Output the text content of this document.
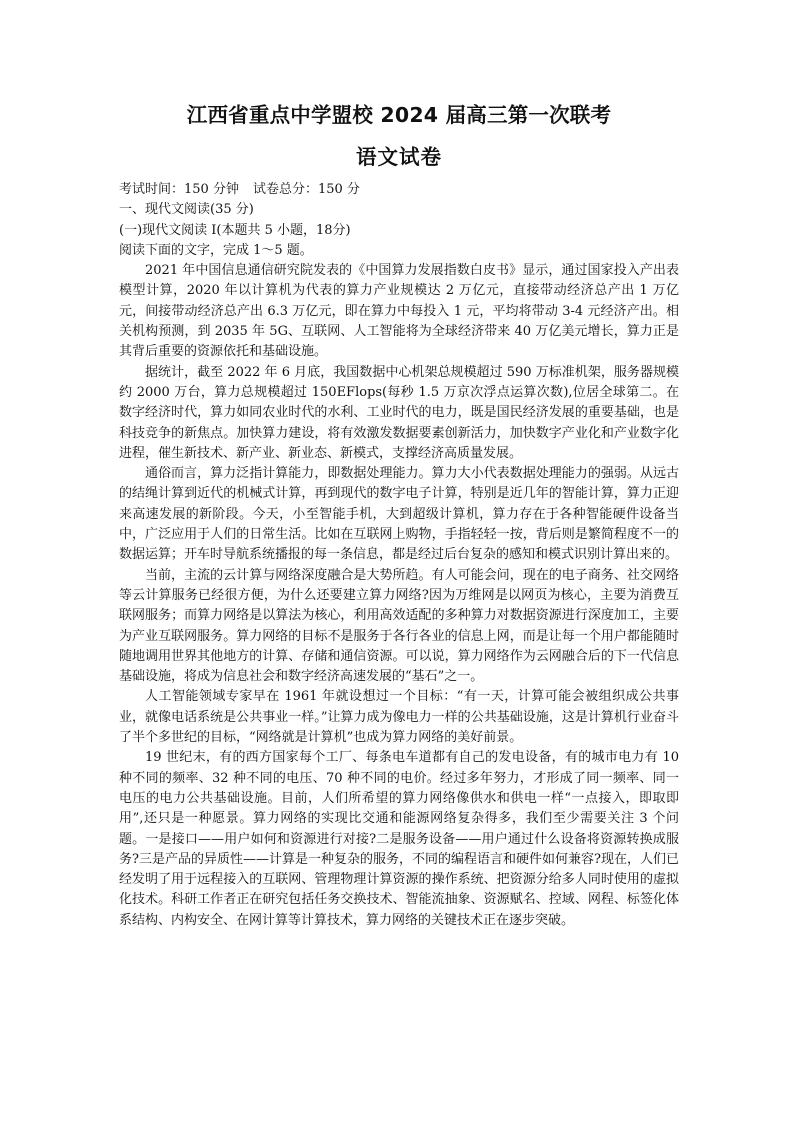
江西省重点中学盟校 2024 届高三第一次联考
语文试卷
考试时间：150 分钟 试卷总分：150 分
一、现代文阅读(35 分)
(一)现代文阅读 I(本题共 5 小题，18分)
阅读下面的文字，完成 1～5 题。

2021 年中国信息通信研究院发表的《中国算力发展指数白皮书》显示，通过国家投入产出表模型计算，2020 年以计算机为代表的算力产业规模达 2 万亿元，直接带动经济总产出 1 万亿元，间接带动经济总产出 6.3 万亿元，即在算力中每投入 1 元，平均将带动 3-4 元经济产出。相关机构预测，到 2035 年 5G、互联网、人工智能将为全球经济带来 40 万亿美元增长，算力正是其背后重要的资源依托和基础设施。

据统计，截至 2022 年 6 月底，我国数据中心机架总规模超过 590 万标准机架，服务器规模约 2000 万台，算力总规模超过 150EFlops(每秒 1.5 万京次浮点运算次数),位居全球第二。在数字经济时代，算力如同农业时代的水利、工业时代的电力，既是国民经济发展的重要基础，也是科技竞争的新焦点。加快算力建设，将有效激发数据要素创新活力，加快数字产业化和产业数字化进程，催生新技术、新产业、新业态、新模式，支撑经济高质量发展。

通俗而言，算力泛指计算能力，即数据处理能力。算力大小代表数据处理能力的强弱。从远古的结绳计算到近代的机械式计算，再到现代的数字电子计算，特别是近几年的智能计算，算力正迎来高速发展的新阶段。今天，小至智能手机，大到超级计算机，算力存在于各种智能硬件设备当中，广泛应用于人们的日常生活。比如在互联网上购物，手指轻轻一按，背后则是繁简程度不一的数据运算；开车时导航系统播报的每一条信息，都是经过后台复杂的感知和模式识别计算出来的。

当前，主流的云计算与网络深度融合是大势所趋。有人可能会问，现在的电子商务、社交网络等云计算服务已经很方便，为什么还要建立算力网络?因为万维网是以网页为核心，主要为消费互联网服务；而算力网络是以算法为核心，利用高效适配的多种算力对数据资源进行深度加工，主要为产业互联网服务。算力网络的目标不是服务于各行各业的信息上网，而是让每一个用户都能随时随地调用世界其他地方的计算、存储和通信资源。可以说，算力网络作为云网融合后的下一代信息基础设施，将成为信息社会和数字经济高速发展的“基石”之一。

人工智能领域专家早在 1961 年就设想过一个目标：“有一天，计算可能会被组织成公共事业，就像电话系统是公共事业一样。”让算力成为像电力一样的公共基础设施，这是计算机行业奋斗了半个多世纪的目标，“网络就是计算机”也成为算力网络的美好前景。

19 世纪末，有的西方国家每个工厂、每条电车道都有自己的发电设备，有的城市电力有 10 种不同的频率、32 种不同的电压、70 种不同的电价。经过多年努力，才形成了同一频率、同一电压的电力公共基础设施。目前，人们所希望的算力网络像供水和供电一样“一点接入，即取即用”,还只是一种愿景。算力网络的实现比交通和能源网络复杂得多，我们至少需要关注 3 个问题。一是接口——用户如何和资源进行对接?二是服务设备——用户通过什么设备将资源转换成服务?三是产品的异质性——计算是一种复杂的服务，不同的编程语言和硬件如何兼容?现在，人们已经发明了用于远程接入的互联网、管理物理计算资源的操作系统、把资源分给多人同时使用的虚拟化技术。科研工作者正在研究包括任务交换技术、智能流抽象、资源赋名、控域、网程、标签化体系结构、内构安全、在网计算等计算技术，算力网络的关键技术正在逐步突破。
